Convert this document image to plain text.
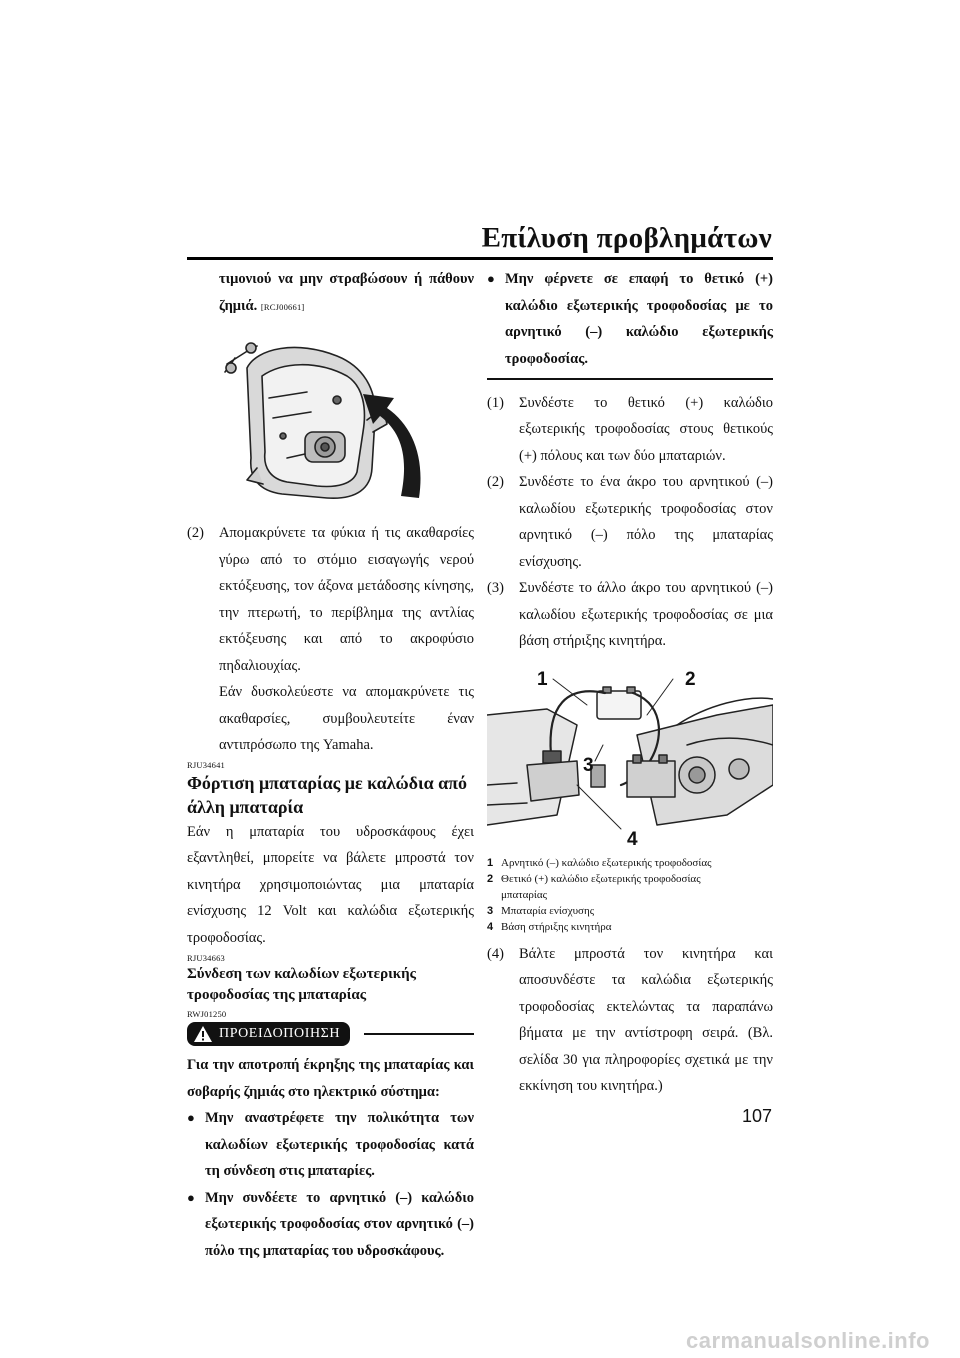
Επίλυση προβλημάτων
τιμονιού να μην στραβώσουν ή πάθουν
ζημιά. [RCJ00661]
(2)	Απομακρύνετε τα φύκια ή τις ακαθαρσίες γύρω από το στόμιο εισαγωγής νερού εκτόξευσης, τον άξονα μετάδοσης κίνησης, την πτερωτή, το περίβλημα της αντλίας εκτόξευσης και από το ακροφύσιο πηδαλιουχίας.
Εάν δυσκολεύεστε να απομακρύνετε τις ακαθαρσίες, συμβουλευτείτε έναν αντιπρόσωπο της Yamaha.
RJU34641
Φόρτιση μπαταρίας με καλώδια από άλλη μπαταρία
Εάν η μπαταρία του υδροσκάφους έχει εξαντληθεί, μπορείτε να βάλετε μπροστά τον κινητήρα χρησιμοποιώντας μια μπαταρία ενίσχυσης 12 Volt και καλώδια εξωτερικής τροφοδοσίας.
RJU34663
Σύνδεση των καλωδίων εξωτερικής τροφοδοσίας της μπαταρίας
RWJ01250
ΠΡΟΕΙΔΟΠΟΙΗΣΗ
Για την αποτροπή έκρηξης της μπαταρίας και σοβαρής ζημιάς στο ηλεκτρικό σύστημα:
● Μην αναστρέφετε την πολικότητα των καλωδίων εξωτερικής τροφοδοσίας κατά τη σύνδεση στις μπαταρίες.
● Μην συνδέετε το αρνητικό (–) καλώδιο εξωτερικής τροφοδοσίας στον αρνητικό (–) πόλο της μπαταρίας του υδροσκάφους.
● Μην φέρνετε σε επαφή το θετικό (+) καλώδιο εξωτερικής τροφοδοσίας με το αρνητικό (–) καλώδιο εξωτερικής τροφοδοσίας.
(1)	Συνδέστε το θετικό (+) καλώδιο εξωτερικής τροφοδοσίας στους θετικούς (+) πόλους και των δύο μπαταριών.
(2)	Συνδέστε το ένα άκρο του αρνητικού (–) καλωδίου εξωτερικής τροφοδοσίας στον αρνητικό (–) πόλο της μπαταρίας ενίσχυσης.
(3)	Συνδέστε το άλλο άκρο του αρνητικού (–) καλωδίου εξωτερικής τροφοδοσίας σε μια βάση στήριξης κινητήρα.
1	2
3
4
1 Αρνητικό (–) καλώδιο εξωτερικής τροφοδοσίας
2 Θετικό (+) καλώδιο εξωτερικής τροφοδοσίας μπαταρίας
3 Μπαταρία ενίσχυσης
4 Βάση στήριξης κινητήρα
(4)	Βάλτε μπροστά τον κινητήρα και αποσυνδέστε τα καλώδια εξωτερικής τροφοδοσίας εκτελώντας τα παραπάνω βήματα με την αντίστροφη σειρά. (Βλ. σελίδα 30 για πληροφορίες σχετικά με την εκκίνηση του κινητήρα.)
107
carmanualsonline.info
